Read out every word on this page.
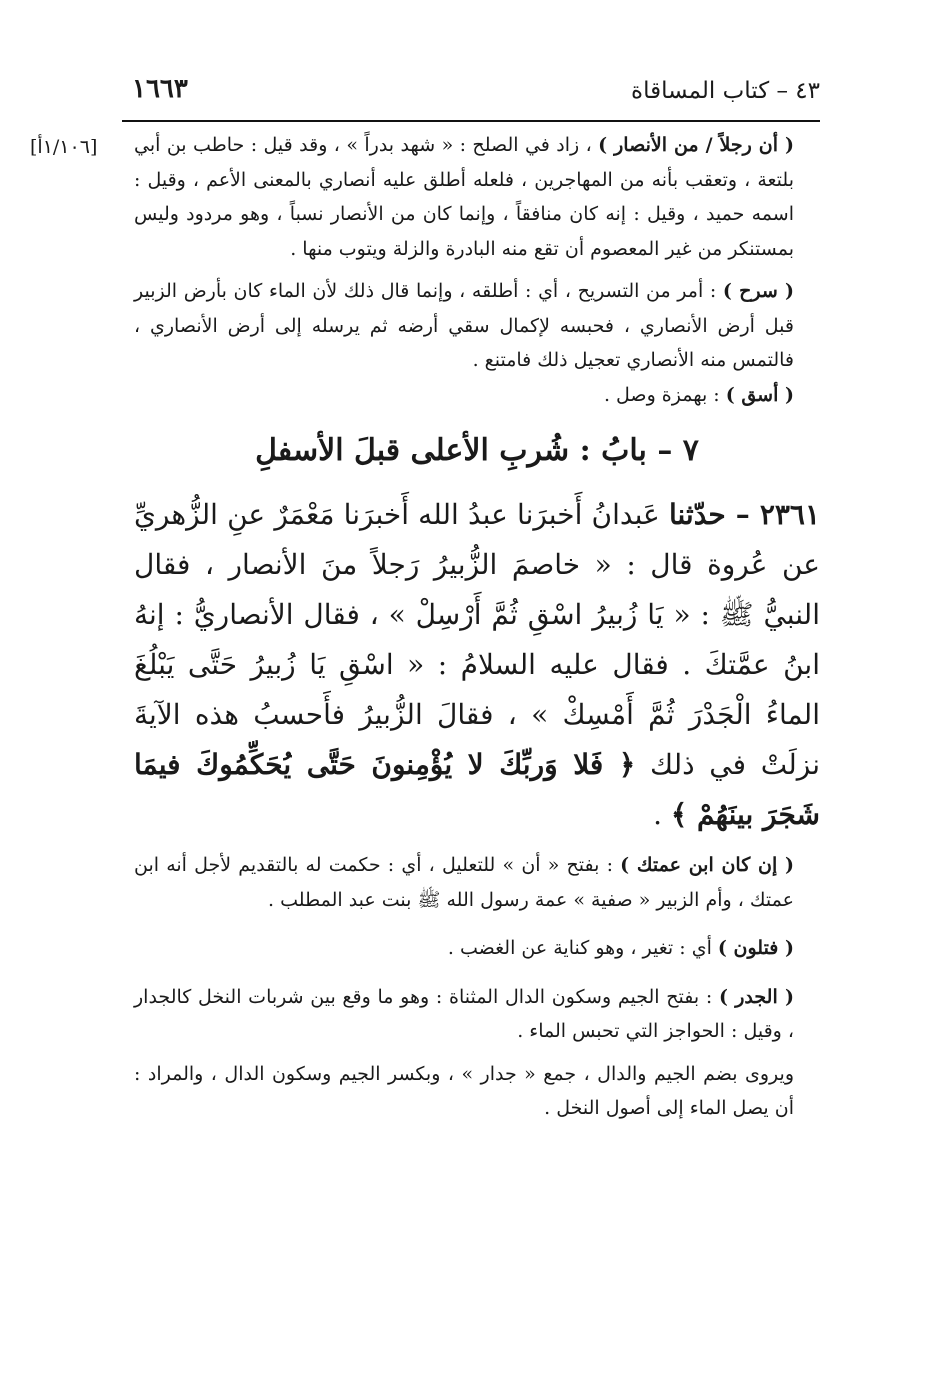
٤٣ – كتاب المساقاة
١٦٦٣
[١/١٠٦أ]	( أن رجلاً / من الأنصار ) ، زاد في الصلح : « شهد بدراً » ، وقد قيل : حاطب بن أبي بلتعة ، وتعقب بأنه من المهاجرين ، فلعله أطلق عليه أنصاري بالمعنى الأعم ، وقيل : اسمه حميد ، وقيل : إنه كان منافقاً ، وإنما كان من الأنصار نسباً ، وهو مردود وليس بمستنكر من غير المعصوم أن تقع منه البادرة والزلة ويتوب منها .

( سرح ) : أمر من التسريح ، أي : أطلقه ، وإنما قال ذلك لأن الماء كان بأرض الزبير قبل أرض الأنصاري ، فحبسه لإكمال سقي أرضه ثم يرسله إلى أرض الأنصاري ، فالتمس منه الأنصاري تعجيل ذلك فامتنع .

( أسق ) : بهمزة وصل .

٧ – بابُ : شُربِ الأعلى قبلَ الأسفلِ

٢٣٦١ – حدّثنا عَبدانُ أَخبرَنا عبدُ الله أَخبرَنا مَعْمَرٌ عنِ الزُّهريِّ عن عُروة قال : « خاصمَ الزُّبيرُ رَجلاً منَ الأنصار ، فقال النبيُّ ﷺ : « يَا زُبيرُ اسْقِ ثُمَّ أَرْسِلْ » ، فقال الأنصاريُّ : إنهُ ابنُ عمَّتكَ . فقال عليه السلامُ : « اسْقِ يَا زُبيرُ حَتَّى يَبْلُغَ الماءُ الْجَدْرَ ثُمَّ أَمْسِكْ » ، فقالَ الزُّبيرُ فأَحسبُ هذه الآيةَ نزلَتْ في ذلك ﴿ فَلا وَربِّكَ لا يُؤْمِنونَ حَتَّى يُحَكِّمُوكَ فيمَا شَجَرَ بينَهُمْ ﴾ .

( إن كان ابن عمتك ) : بفتح « أن » للتعليل ، أي : حكمت له بالتقديم لأجل أنه ابن عمتك ، وأم الزبير « صفية » عمة رسول الله ﷺ بنت عبد المطلب .

( فتلون ) أي : تغير ، وهو كناية عن الغضب .

( الجدر ) : بفتح الجيم وسكون الدال المثناة : وهو ما وقع بين شربات النخل كالجدار ، وقيل : الحواجز التي تحبس الماء .

ويروى بضم الجيم والدال ، جمع « جدار » ، وبكسر الجيم وسكون الدال ، والمراد : أن يصل الماء إلى أصول النخل .
